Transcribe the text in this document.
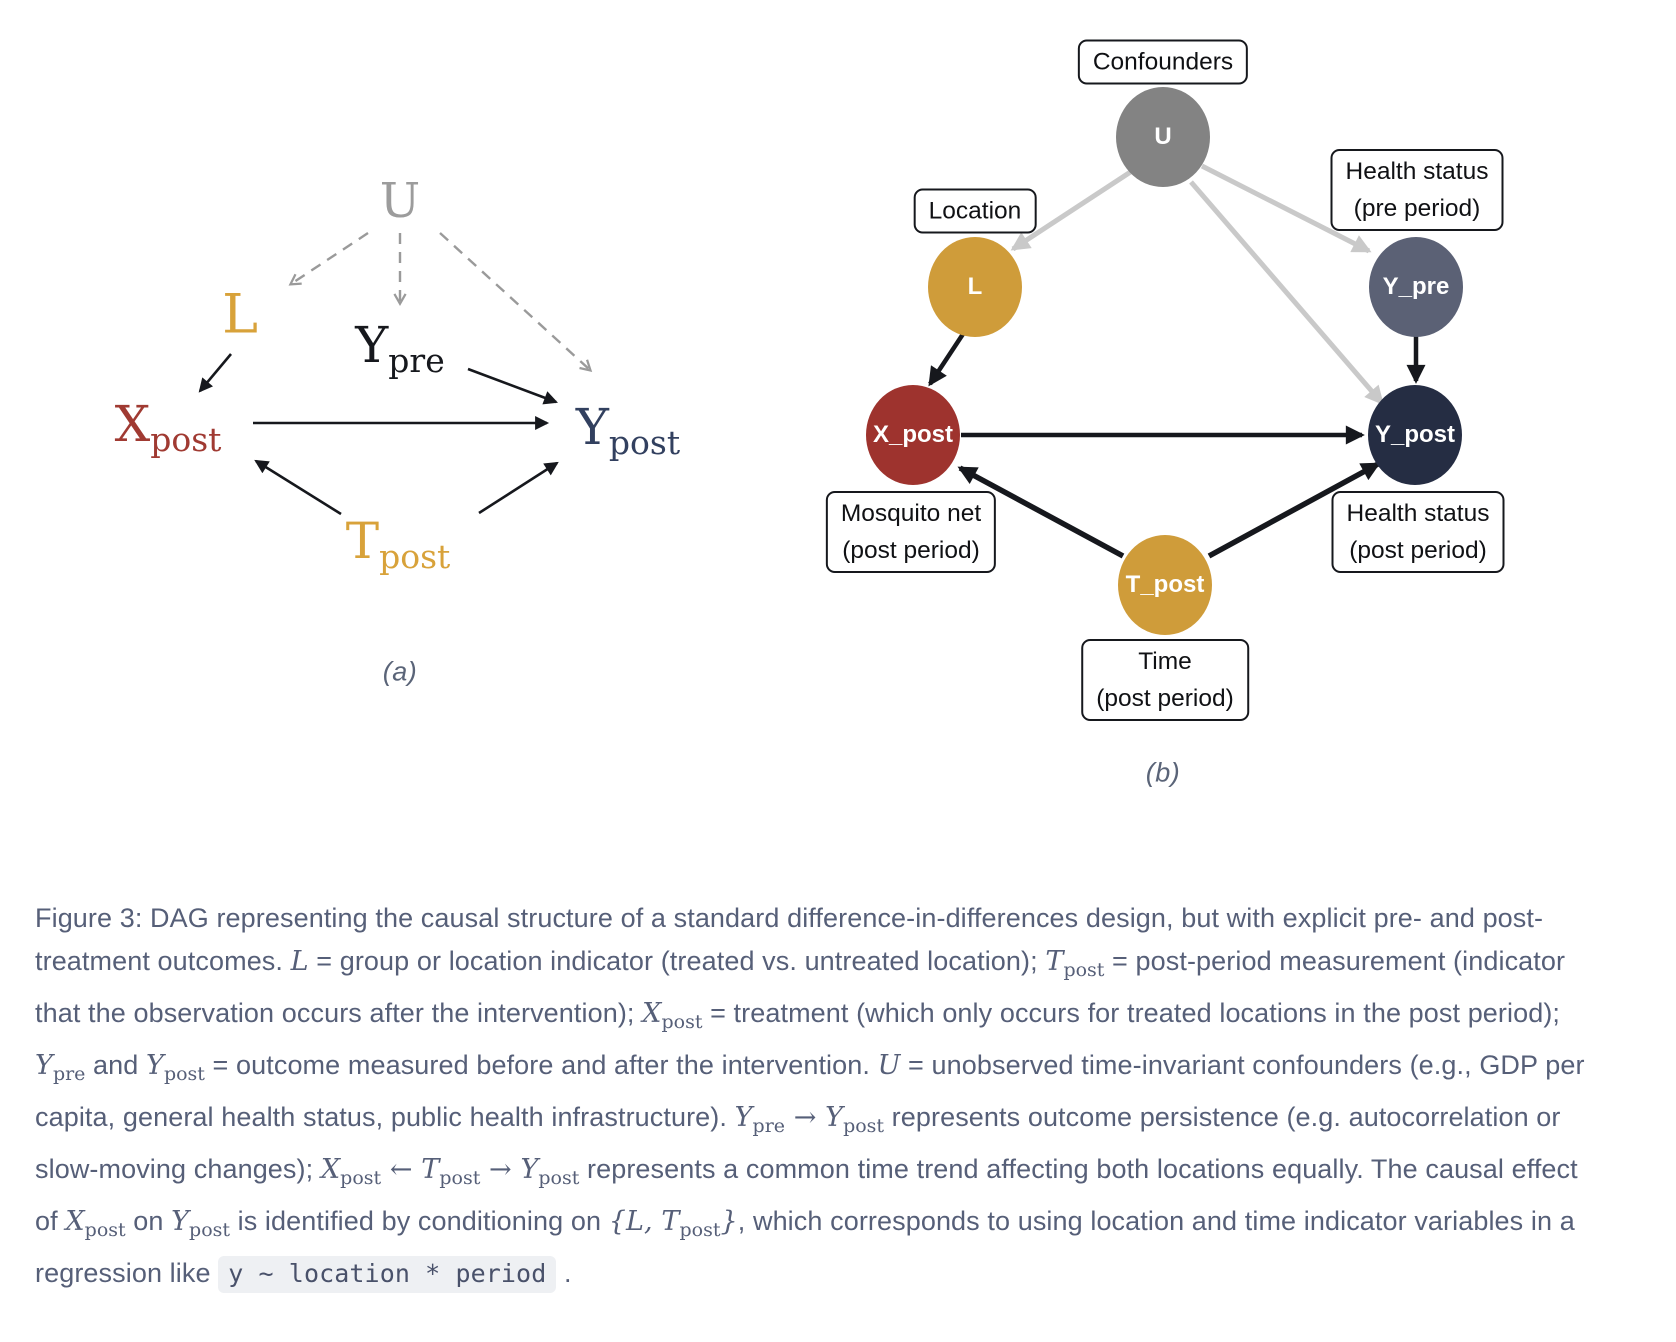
U
L $Y_{pre}$
$X_{post}$	$Y_{post}$
$T_{post}$
(a)
Confounders
Location
Health status
(pre period)
Mosquito net
(post period)
Health status
(post period)
Time
(post period)
U
L	Y_pre
X_post	Y_post
T_post
(b)

Figure 3: DAG representing the causal structure of a standard difference-in-differences design, but with explicit pre- and post-treatment outcomes. L = group or location indicator (treated vs. untreated location); $T_{post}$ = post-period measurement (indicator that the observation occurs after the intervention); $X_{post}$ = treatment (which only occurs for treated locations in the post period); $Y_{pre}$ and $Y_{post}$ = outcome measured before and after the intervention. U = unobserved time-invariant confounders (e.g., GDP per capita, general health status, public health infrastructure). $Y_{pre} \to Y_{post}$ represents outcome persistence (e.g. autocorrelation or slow-moving changes); $X_{post}$ ← $T_{post} \to Y_{post}$ represents a common time trend affecting both locations equally. The causal effect of $X_{post}$ on $Y_{post}$ is identified by conditioning on {L, $T_{post}$}, which corresponds to using location and time indicator variables in a regression like y ~ location * period .
